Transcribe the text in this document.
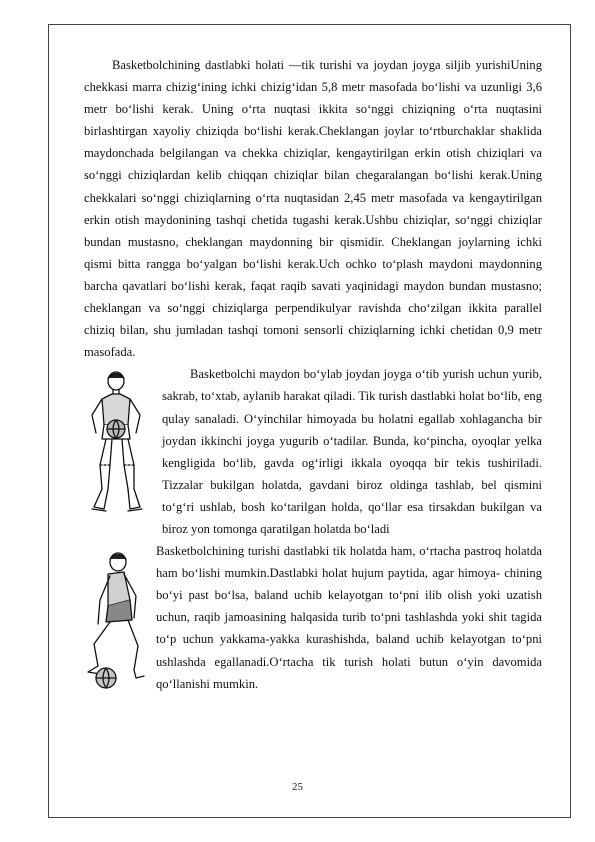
Basketbolchining dastlabki holati —tik turishi va joydan joyga siljib yurishiUning chekkasi marra chizig‘ining ichki chizig‘idan 5,8 metr masofada bo‘lishi va uzunligi 3,6 metr bo‘lishi kerak. Uning o‘rta nuqtasi ikkita so‘nggi chiziqning o‘rta nuqtasini birlashtirgan xayoliy chiziqda bo‘lishi kerak.Cheklangan joylar to‘rtburchaklar shaklida maydonchada belgilangan va chekka chiziqlar, kengaytirilgan erkin otish chiziqlari va so‘nggi chiziqlardan kelib chiqqan chiziqlar bilan chegaralangan bo‘lishi kerak.Uning chekkalari so‘nggi chiziqlarning o‘rta nuqtasidan 2,45 metr masofada va kengaytirilgan erkin otish maydonining tashqi chetida tugashi kerak.Ushbu chiziqlar, so‘nggi chiziqlar bundan mustasno, cheklangan maydonning bir qismidir. Cheklangan joylarning ichki qismi bitta rangga bo‘yalgan bo‘lishi kerak.Uch ochko to‘plash maydoni maydonning barcha qavatlari bo‘lishi kerak, faqat raqib savati yaqinidagi maydon bundan mustasno; cheklangan va so‘nggi chiziqlarga perpendikulyar ravishda cho‘zilgan ikkita parallel chiziq bilan, shu jumladan tashqi tomoni sensorli chiziqlarning ichki chetidan 0,9 metr masofada.

Basketbolchi maydon bo‘ylab joydan joyga o‘tib yurish uchun yurib, sakrab, to‘xtab, aylanib harakat qiladi. Tik turish dastlabki holat bo‘lib, eng qulay sanaladi. O‘yinchilar himoyada bu holatni egallab xohlagancha bir joydan ikkinchi joyga yugurib o‘tadilar. Bunda, ko‘pincha, oyoqlar yelka kengligida bo‘lib, gavda og‘irligi ikkala oyoqqa bir tekis tushiriladi. Tizzalar bukilgan holatda, gavdani biroz oldinga tashlab, bel qismini to‘g‘ri ushlab, bosh ko‘tarilgan holda, qo‘llar esa tirsakdan bukilgan va biroz yon tomonga qaratilgan holatda bo‘ladi

Basketbolchining turishi dastlabki tik holatda ham, o‘rtacha pastroq holatda ham bo‘lishi mumkin.Dastlabki holat hujum paytida, agar himoya- chining bo‘yi past bo‘lsa, baland uchib kelayotgan to‘pni ilib olish yoki uzatish uchun, raqib jamoasining halqasida turib to‘pni tashlashda yoki shit tagida to‘p uchun yakkama-yakka kurashishda, baland uchib kelayotgan to‘pni ushlashda egallanadi.O‘rtacha tik turish holati butun o‘yin davomida qo‘llanishi mumkin.

25
